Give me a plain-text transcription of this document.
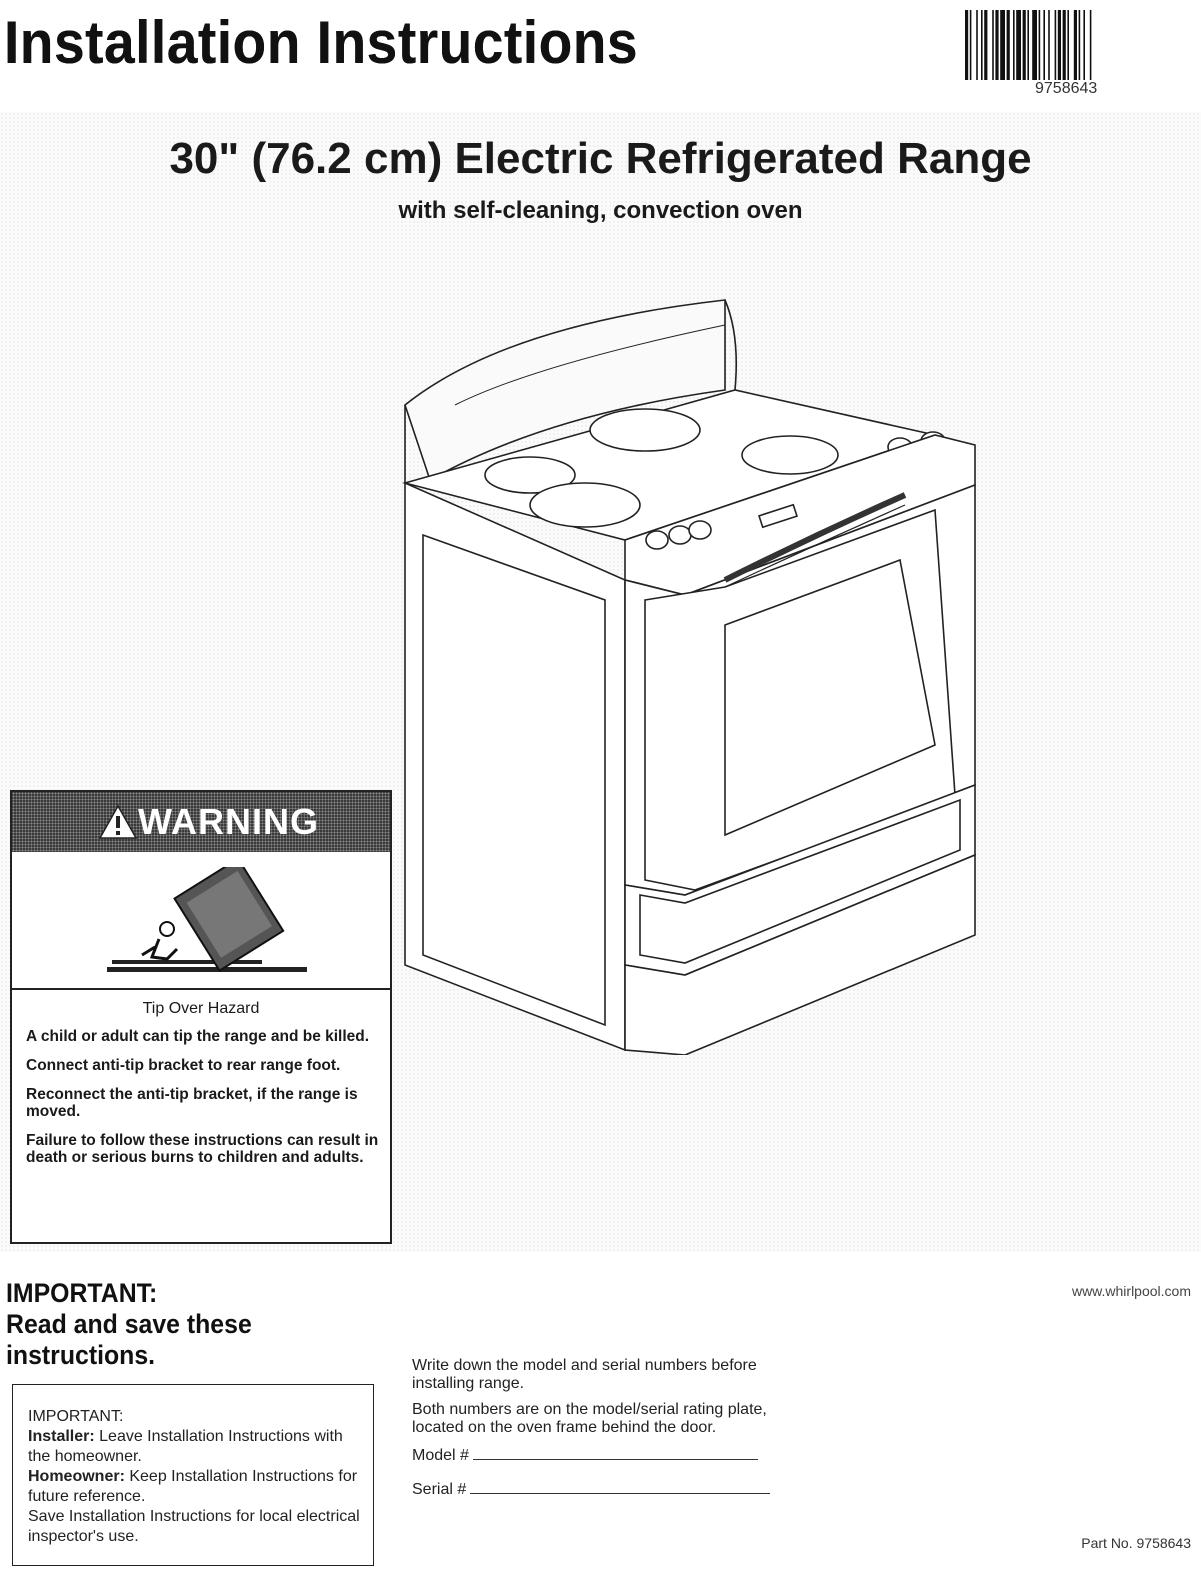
Installation Instructions
9758643
30" (76.2 cm) Electric Refrigerated Range
with self-cleaning, convection oven
WARNING
Tip Over Hazard

A child or adult can tip the range and be killed.

Connect anti-tip bracket to rear range foot.

Reconnect the anti-tip bracket, if the range is moved.

Failure to follow these instructions can result in death or serious burns to children and adults.

IMPORTANT:
Read and save these
instructions.
www.whirlpool.com
IMPORTANT:
Installer: Leave Installation Instructions with the homeowner.
Homeowner: Keep Installation Instructions for future reference.
Save Installation Instructions for local electrical inspector's use.

Write down the model and serial numbers before installing range.

Both numbers are on the model/serial rating plate, located on the oven frame behind the door.

Model #
Serial #
Part No. 9758643
